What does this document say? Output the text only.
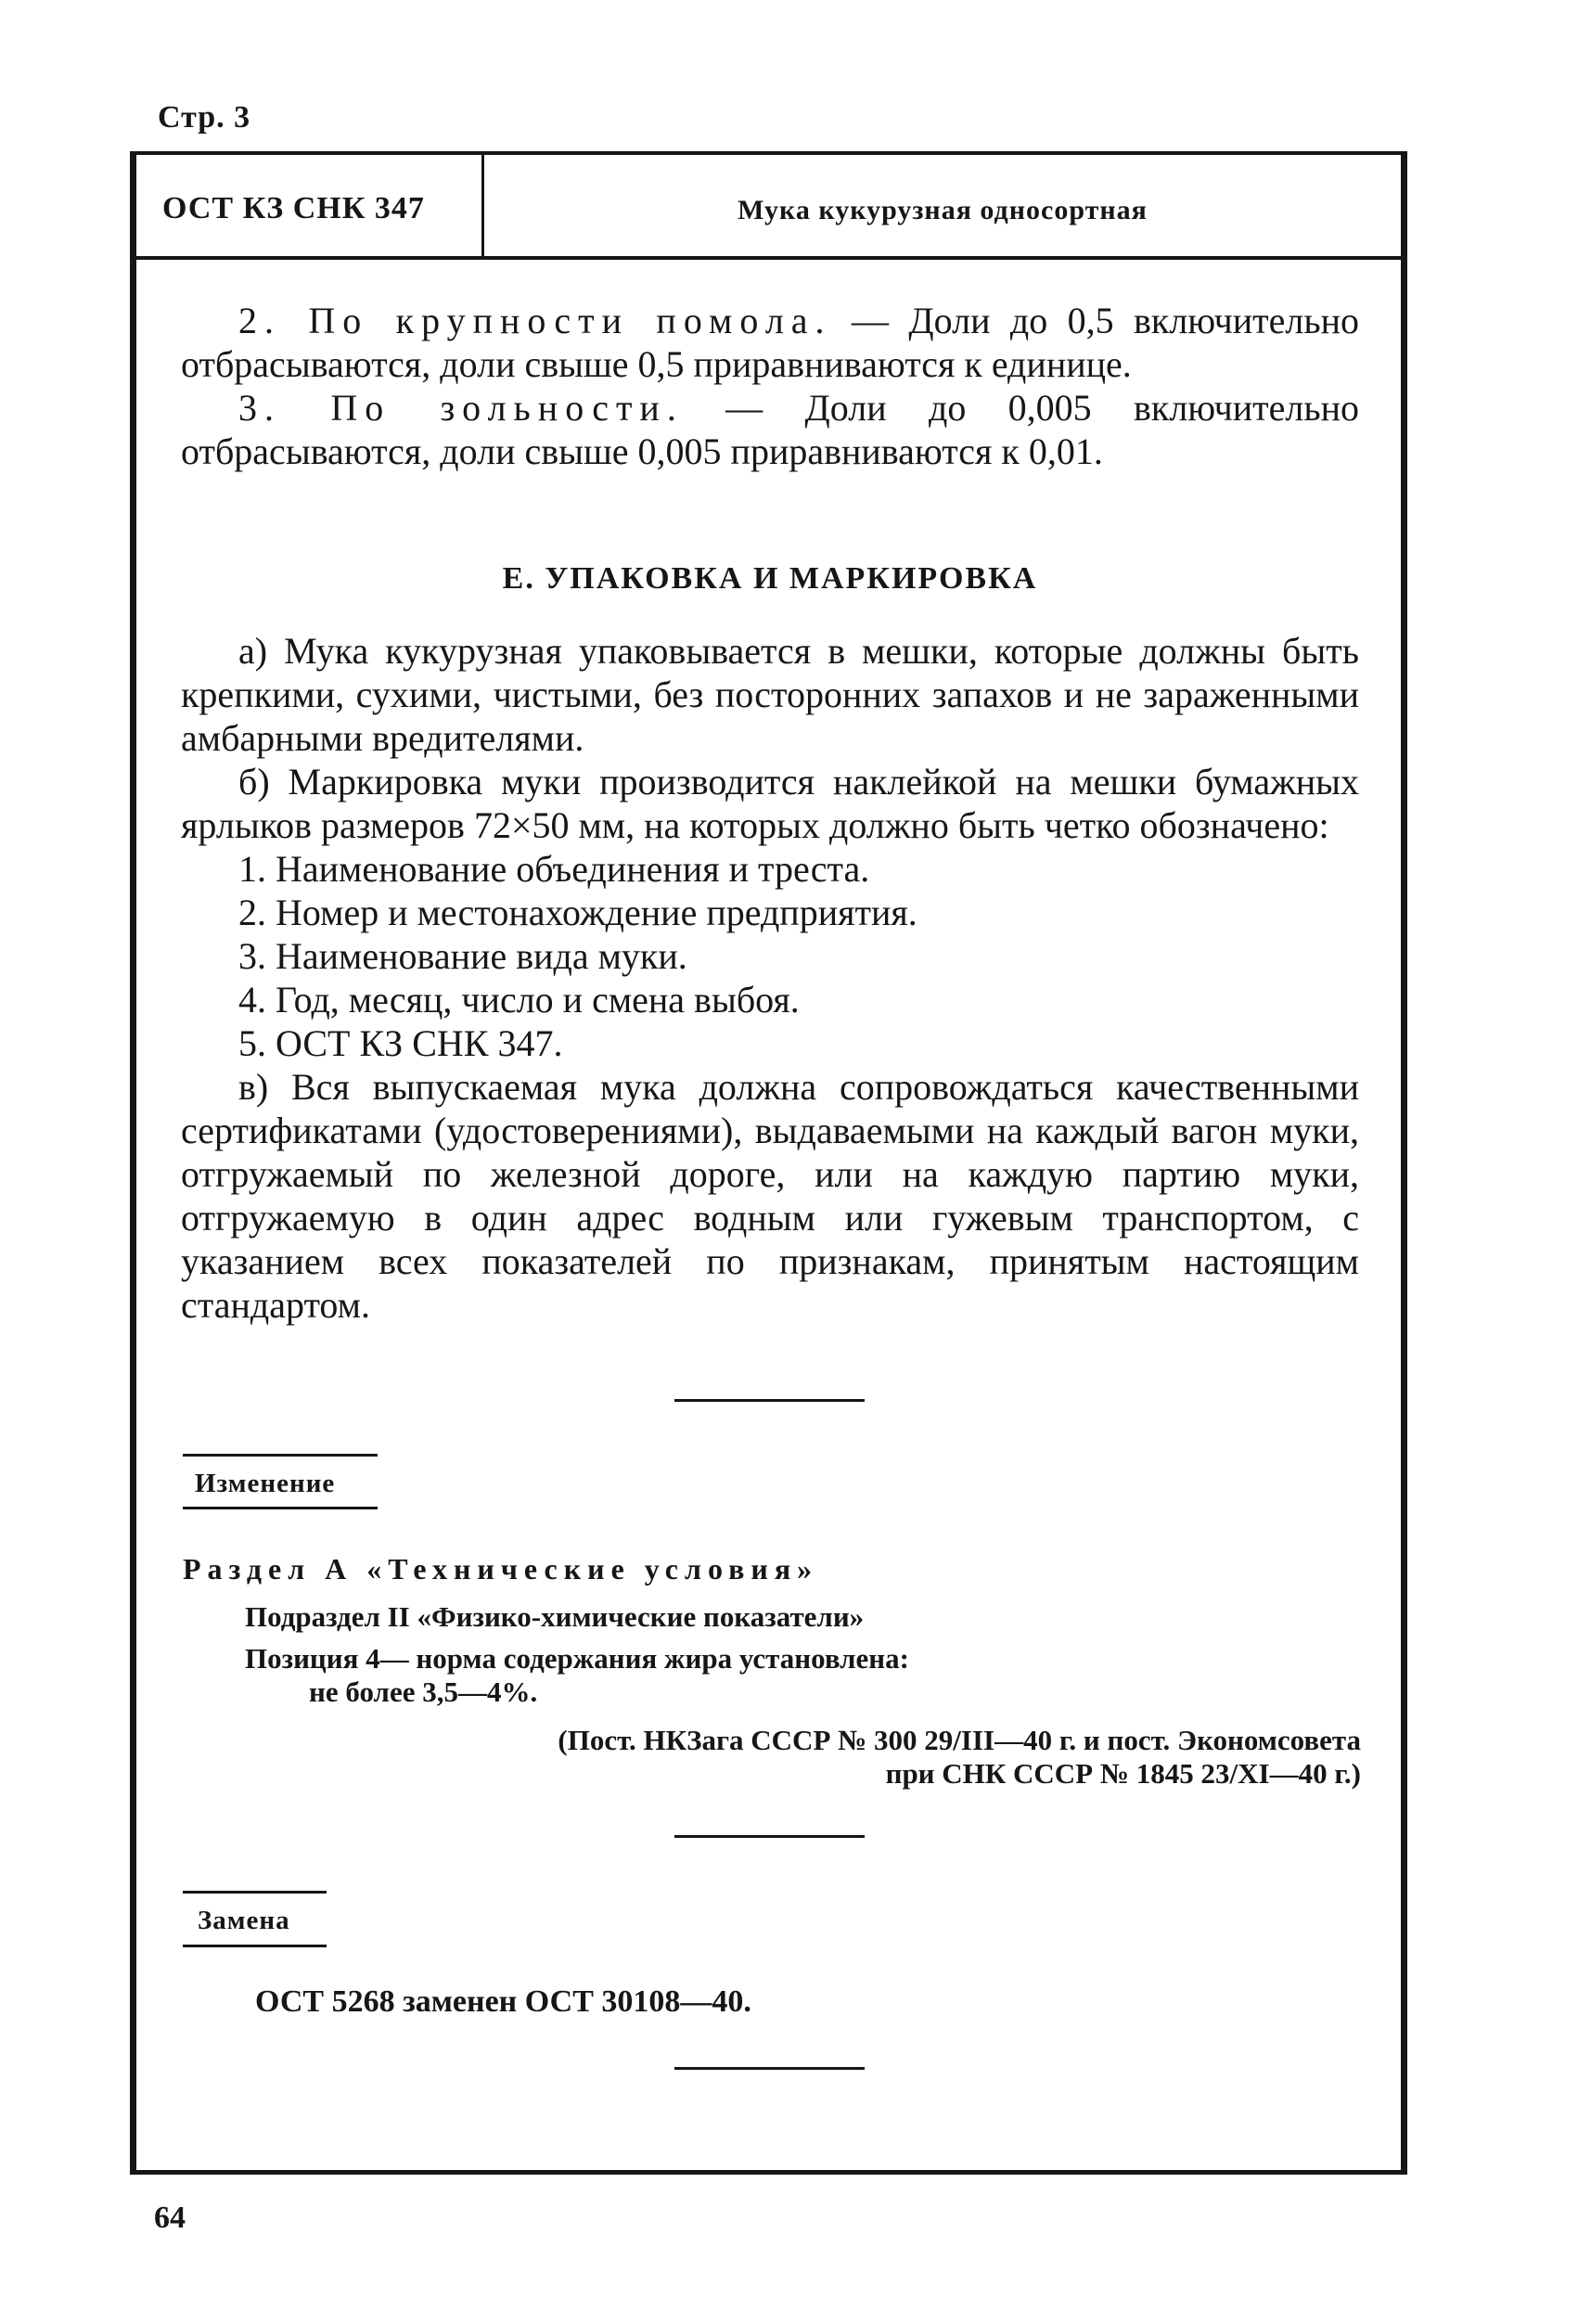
Стр. 3
ОСТ КЗ СНК 347	Мука кукурузная односортная

2. По крупности помола. — Доли до 0,5 включительно отбрасываются, доли свыше 0,5 приравниваются к единице.

3. По зольности. — Доли до 0,005 включительно отбрасываются, доли свыше 0,005 приравниваются к 0,01.

Е. УПАКОВКА И МАРКИРОВКА

а) Мука кукурузная упаковывается в мешки, которые должны быть крепкими, сухими, чистыми, без посторонних запахов и не зараженными амбарными вредителями.

б) Маркировка муки производится наклейкой на мешки бумажных ярлыков размеров 72×50 мм, на которых должно быть четко обозначено:

1. Наименование объединения и треста.

2. Номер и местонахождение предприятия.

3. Наименование вида муки.

4. Год, месяц, число и смена выбоя.

5. ОСТ КЗ СНК 347.

в) Вся выпускаемая мука должна сопровождаться качественными сертификатами (удостоверениями), выдаваемыми на каждый вагон муки, отгружаемый по железной дороге, или на каждую партию муки, отгружаемую в один адрес водным или гужевым транспортом, с указанием всех показателей по признакам, принятым настоящим стандартом.

Изменение
Раздел А «Технические условия»
Подраздел II «Физико-химические показатели»
Позиция 4— норма содержания жира установлена:
не более 3,5—4%.
(Пост. НКЗага СССР № 300 29/III—40 г. и пост. Экономсовета
при СНК СССР № 1845 23/XI—40 г.)
Замена
ОСТ 5268 заменен ОСТ 30108—40.
64
